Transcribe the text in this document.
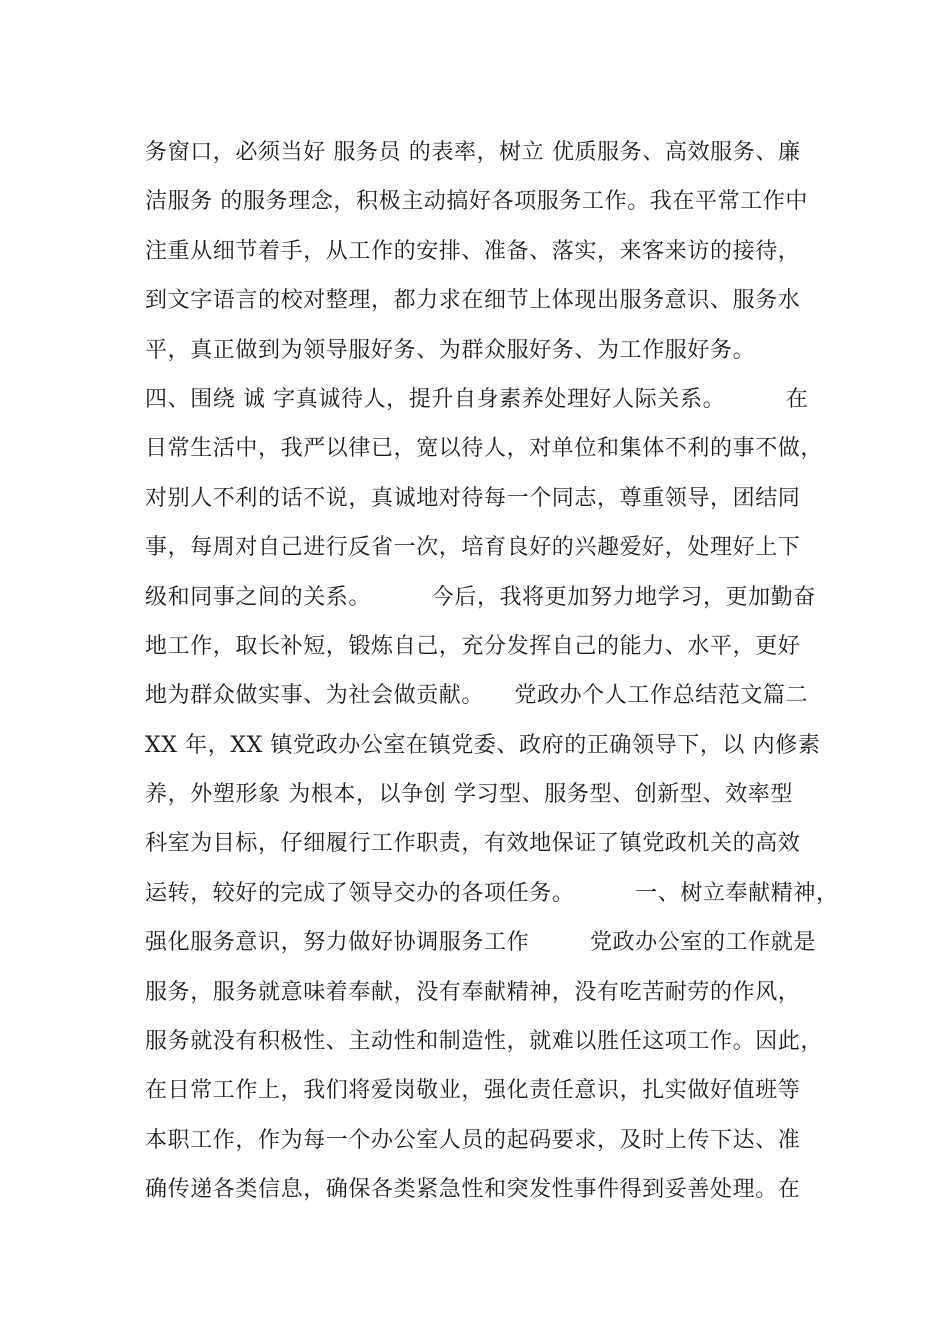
务窗口，必须当好 服务员 的表率，树立 优质服务、高效服务、廉
洁服务 的服务理念，积极主动搞好各项服务工作。我在平常工作中
注重从细节着手，从工作的安排、准备、落实，来客来访的接待，
到文字语言的校对整理，都力求在细节上体现出服务意识、服务水
平，真正做到为领导服好务、为群众服好务、为工作服好务。
四、围绕 诚 字真诚待人，提升自身素养处理好人际关系。        在
日常生活中，我严以律已，宽以待人，对单位和集体不利的事不做，
对别人不利的话不说，真诚地对待每一个同志，尊重领导，团结同
事，每周对自己进行反省一次，培育良好的兴趣爱好，处理好上下
级和同事之间的关系。        今后，我将更加努力地学习，更加勤奋
地工作，取长补短，锻炼自己，充分发挥自己的能力、水平，更好
地为群众做实事、为社会做贡献。    党政办个人工作总结范文篇二
XX 年，XX 镇党政办公室在镇党委、政府的正确领导下，以 内修素
养，外塑形象 为根本，以争创 学习型、服务型、创新型、效率型
科室为目标，仔细履行工作职责，有效地保证了镇党政机关的高效
运转，较好的完成了领导交办的各项任务。        一、树立奉献精神，
强化服务意识，努力做好协调服务工作        党政办公室的工作就是
服务，服务就意味着奉献，没有奉献精神，没有吃苦耐劳的作风，
服务就没有积极性、主动性和制造性，就难以胜任这项工作。因此，
在日常工作上，我们将爱岗敬业，强化责任意识，扎实做好值班等
本职工作，作为每一个办公室人员的起码要求，及时上传下达、准
确传递各类信息，确保各类紧急性和突发性事件得到妥善处理。在
